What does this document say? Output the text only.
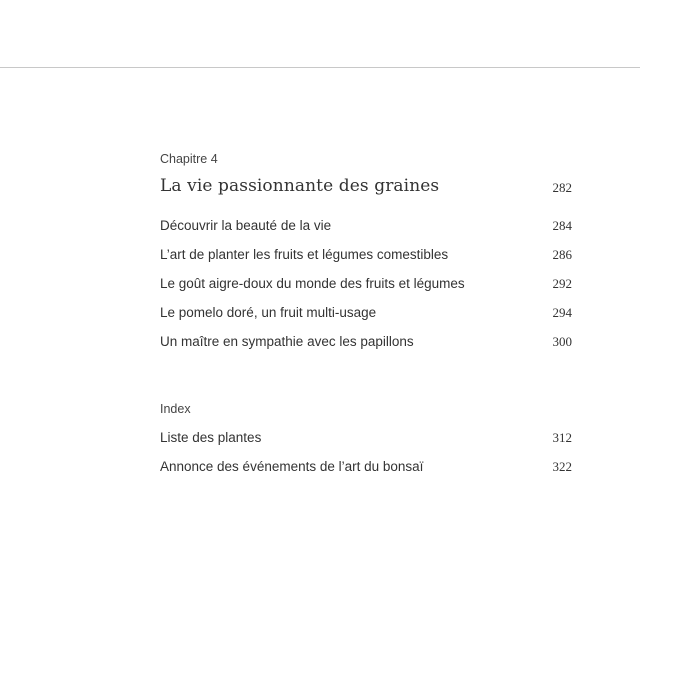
Chapitre 4
La vie passionnante des graines	282
Découvrir la beauté de la vie	284
L’art de planter les fruits et légumes comestibles	286
Le goût aigre-doux du monde des fruits et légumes	292
Le pomelo doré, un fruit multi-usage	294
Un maître en sympathie avec les papillons	300
Index
Liste des plantes	312
Annonce des événements de l’art du bonsaï	322
